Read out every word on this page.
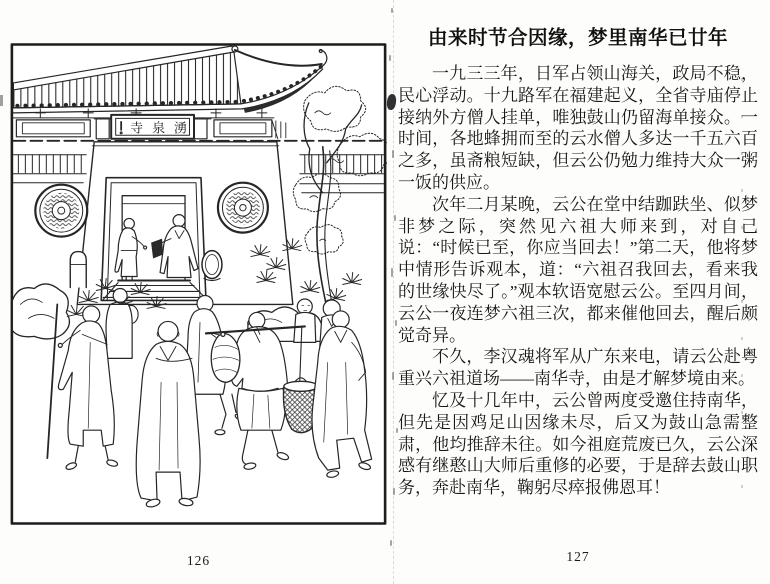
寺泉湧
126
由来时节合因缘，梦里南华已廿年

一九三三年，日军占领山海关，政局不稳，民心浮动。十九路军在福建起义，全省寺庙停止接纳外方僧人挂单，唯独鼓山仍留海单接众。一时间，各地蜂拥而至的云水僧人多达一千五六百之多，虽斋粮短缺，但云公仍勉力维持大众一粥一饭的供应。

次年二月某晚，云公在堂中结跏趺坐、似梦非梦之际，突然见六祖大师来到，对自己说：“时候已至，你应当回去！”第二天，他将梦中情形告诉观本，道：“六祖召我回去，看来我的世缘快尽了。”观本软语宽慰云公。至四月间，云公一夜连梦六祖三次，都来催他回去，醒后颇觉奇异。

不久，李汉魂将军从广东来电，请云公赴粤重兴六祖道场——南华寺，由是才解梦境由来。

忆及十几年中，云公曾两度受邀住持南华，但先是因鸡足山因缘未尽，后又为鼓山急需整肃，他均推辞未往。如今祖庭荒废已久，云公深感有继憨山大师后重修的必要，于是辞去鼓山职务，奔赴南华，鞠躬尽瘁报佛恩耳！

127
